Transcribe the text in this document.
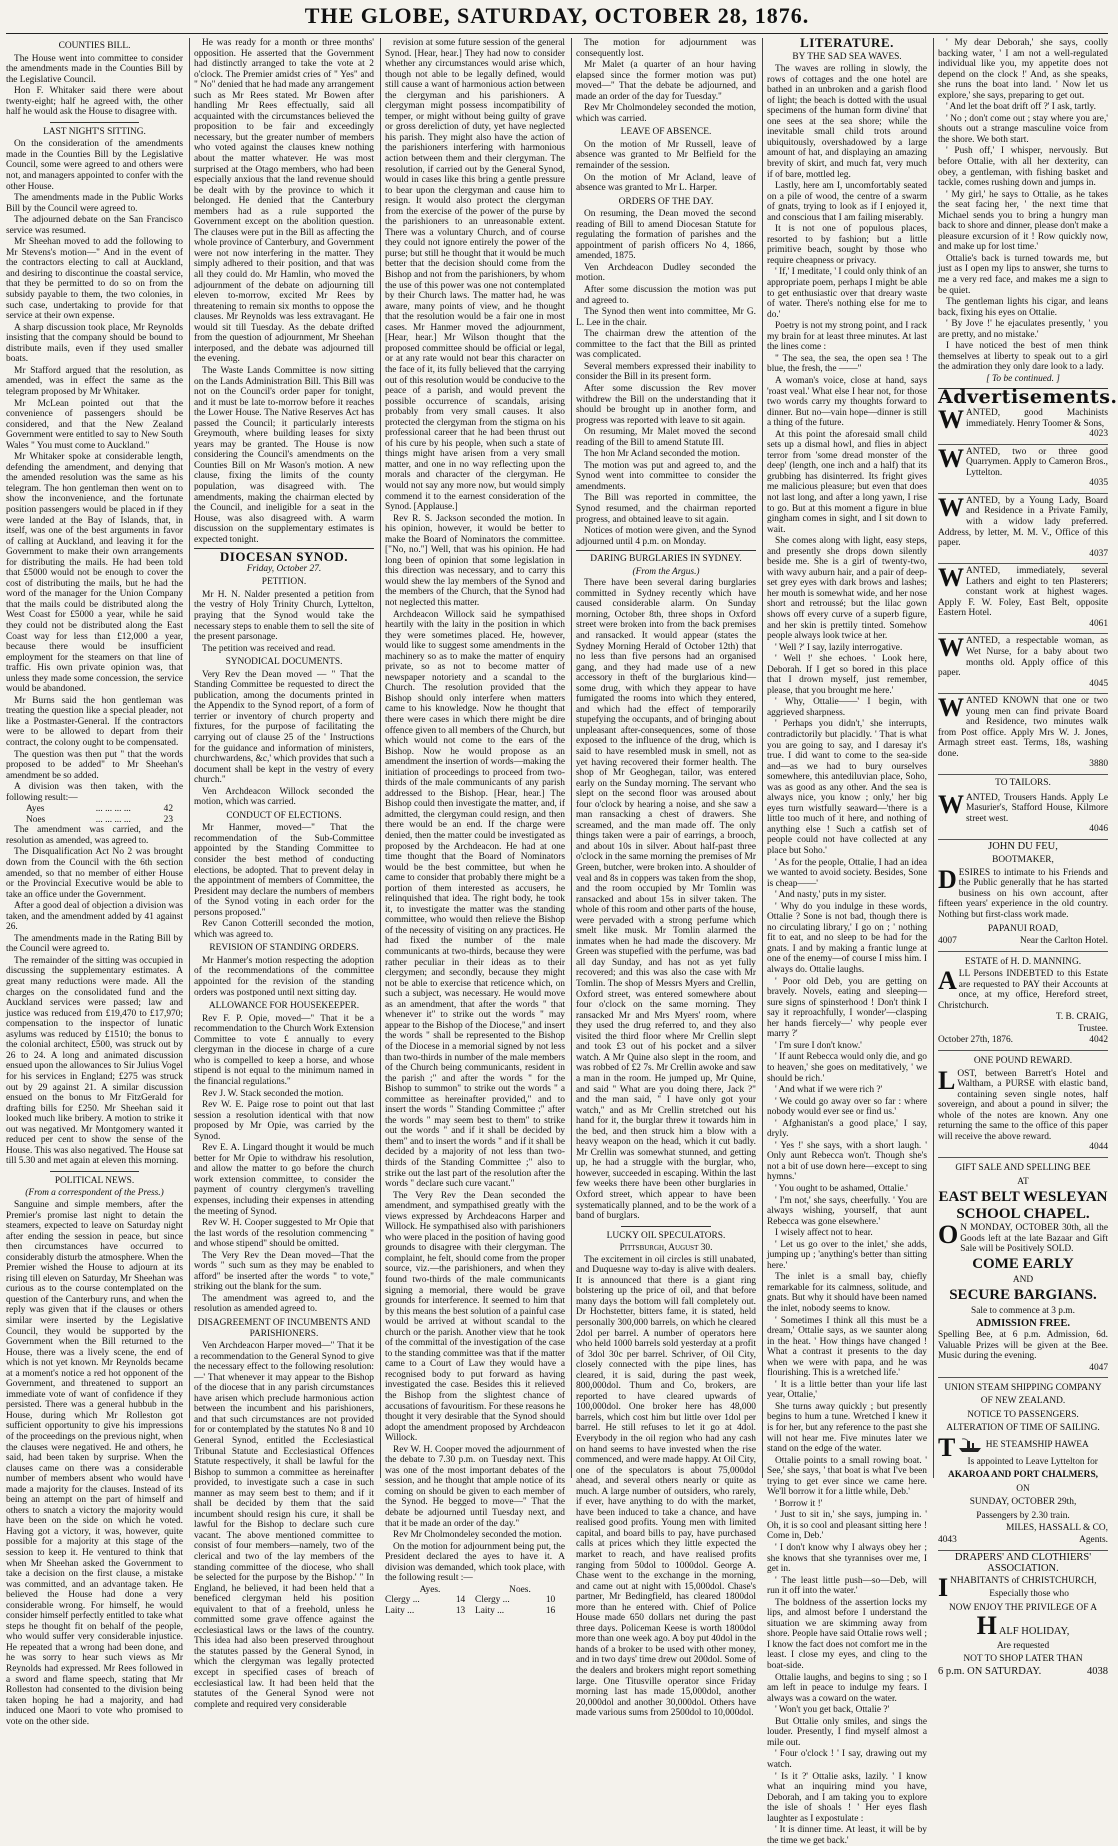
THE GLOBE, SATURDAY, OCTOBER 28, 1876.

COUNTIES BILL.

The House went into committee to consider the amendments made in the Counties Bill by the Legislative Council.

Hon F. Whitaker said there were about twenty-eight; half he agreed with, the other half he would ask the House to disagree with.

LAST NIGHT'S SITTING.

On the consideration of the amendments made in the Counties Bill by the Legislative Council, some were agreed to and others were not, and managers appointed to confer with the other House.

The amendments made in the Public Works Bill by the Council were agreed to.

The adjourned debate on the San Francisco service was resumed.

Mr Sheehan moved to add the following to Mr Stevens's motion—" And in the event of the contractors electing to call at Auckland, and desiring to discontinue the coastal service, that they be permitted to do so on from the subsidy payable to them, the two colonies, in such case, undertaking to provide for that service at their own expense.

A sharp discussion took place, Mr Reynolds insisting that the company should be bound to distribute mails, even if they used smaller boats.

Mr Stafford argued that the resolution, as amended, was in effect the same as the telegram proposed by Mr Whitaker.

Mr McLean pointed out that the convenience of passengers should be considered, and that the New Zealand Government were entitled to say to New South Wales " You must come to Auckland."

Mr Whitaker spoke at considerable length, defending the amendment, and denying that the amended resolution was the same as his telegram. The hon gentleman then went on to show the inconvenience, and the fortunate position passengers would be placed in if they were landed at the Bay of Islands, that, in itself, was one of the best arguments in favor of calling at Auckland, and leaving it for the Government to make their own arrangements for distributing the mails. He had been told that £5000 would not be enough to cover the cost of distributing the mails, but he had the word of the manager for the Union Company that the mails could be distributed along the West Coast for £5000 a year, while he said they could not be distributed along the East Coast way for less than £12,000 a year, because there would be insufficient employment for the steamers on that line of traffic. His own private opinion was, that unless they made some concession, the service would be abandoned.

Mr Burns said the hon gentleman was treating the question like a special pleader, not like a Postmaster-General. If the contractors were to be allowed to depart from their contract, the colony ought to be compensated.

The question was then put " that the words proposed to be added" to Mr Sheehan's amendment be so added.

A division was then taken, with the following result:—

Ayes	... ... ... ...	42
Noes	... ... ... ...	23

The amendment was carried, and the resolution as amended, was agreed to.

The Disqualification Act No 2 was brought down from the Council with the 6th section amended, so that no member of either House or the Provincial Executive would be able to take an office under the Government.

After a good deal of objection a division was taken, and the amendment added by 41 against 26.

The amendments made in the Rating Bill by the Council were agreed to.

The remainder of the sitting was occupied in discussing the supplementary estimates. A great many reductions were made. All the charges on the consolidated fund and the Auckland services were passed; law and justice was reduced from £19,470 to £17,970; compensation to the inspector of lunatic asylums was reduced by £1510; the bonus to the colonial architect, £500, was struck out by 26 to 24. A long and animated discussion ensued upon the allowances to Sir Julius Vogel for his services in England; £275 was struck out by 29 against 21. A similar discussion ensued on the bonus to Mr FitzGerald for drafting bills for £250. Mr Sheehan said it looked much like bribery. A motion to strike it out was negatived. Mr Montgomery wanted it reduced per cent to show the sense of the House. This was also negatived. The House sat till 5.30 and met again at eleven this morning.

POLITICAL NEWS.

(From a correspondent of the Press.)

Sanguine and simple members, after the Premier's promise last night to detain the steamers, expected to leave on Saturday night after ending the session in peace, but since then circumstances have occurred to considerably disturb the atmosphere. When the Premier wished the House to adjourn at its rising till eleven on Saturday, Mr Sheehan was curious as to the course contemplated on the question of the Canterbury runs, and when the reply was given that if the clauses or others similar were inserted by the Legislative Council, they would be supported by the Government when the Bill returned to the House, there was a lively scene, the end of which is not yet known. Mr Reynolds became at a moment's notice a red hot opponent of the Government, and threatened to support an immediate vote of want of confidence if they persisted. There was a general hubbub in the House, during which Mr Rolleston got sufficient opportunity to give his impressions of the proceedings on the previous night, when the clauses were negatived. He and others, he said, had been taken by surprise. When the clauses came on there was a considerable number of members absent who would have made a majority for the clauses. Instead of its being an attempt on the part of himself and others to snatch a victory the majority would have been on the side on which he voted. Having got a victory, it was, however, quite possible for a majority at this stage of the session to keep it. He ventured to think that when Mr Sheehan asked the Government to take a decision on the first clause, a mistake was committed, and an advantage taken. He believed the House had done a very considerable wrong. For himself, he would consider himself perfectly entitled to take what steps he thought fit on behalf of the people, who would suffer very considerable injustice. He repeated that a wrong had been done, and he was sorry to hear such views as Mr Reynolds had expressed. Mr Rees followed in a sword and flame speech, stating that Mr Rolleston had consented to the division being taken hoping he had a majority, and had induced one Maori to vote who promised to vote on the other side.

He was ready for a month or three months' opposition. He asserted that the Government had distinctly arranged to take the vote at 2 o'clock. The Premier amidst cries of " Yes" and " No" denied that he had made any arrangement such as Mr Rees stated. Mr Bowen after handling Mr Rees effectually, said all acquainted with the circumstances believed the proposition to be fair and exceedingly necessary, but the greater number of members who voted against the clauses knew nothing about the matter whatever. He was most surprised at the Otago members, who had been especially anxious that the land revenue should be dealt with by the province to which it belonged. He denied that the Canterbury members had as a rule supported the Government except on the abolition question. The clauses were put in the Bill as affecting the whole province of Canterbury, and Government were not now interfering in the matter. They simply adhered to their position, and that was all they could do. Mr Hamlin, who moved the adjournment of the debate on adjourning till eleven to-morrow, excited Mr Rees by threatening to remain six months to oppose the clauses. Mr Reynolds was less extravagant. He would sit till Tuesday. As the debate drifted from the question of adjournment, Mr Sheehan interposed, and the debate was adjourned till the evening.

The Waste Lands Committee is now sitting on the Lands Administration Bill. This Bill was not on the Council's order paper for tonight, and it must be late to-morrow before it reaches the Lower House. The Native Reserves Act has passed the Council; it particularly interests Greymouth, where building leases for sixty years may be granted. The House is now considering the Council's amendments on the Counties Bill on Mr Wason's motion. A new clause, fixing the limits of the county population, was disagreed with. The amendments, making the chairman elected by the Council, and ineligible for a seat in the House, was also disagreed with. A warm discussion on the supplementary estimates is expected tonight.

DIOCESAN SYNOD.

Friday, October 27.

PETITION.

Mr H. N. Nalder presented a petition from the vestry of Holy Trinity Church, Lyttelton, praying that the Synod would take the necessary steps to enable them to sell the site of the present parsonage.

The petition was received and read.

SYNODICAL DOCUMENTS.

Very Rev the Dean moved — " That the Standing Committee be requested to direct the publication, among the documents printed in the Appendix to the Synod report, of a form of terrier or inventory of church property and fixtures, for the purpose of facilitating the carrying out of clause 25 of the ' Instructions for the guidance and information of ministers, churchwardens, &c,' which provides that such a document shall be kept in the vestry of every church."

Ven Archdeacon Willock seconded the motion, which was carried.

CONDUCT OF ELECTIONS.

Mr Hanmer, moved—" That the recommendation of the Sub-Committee appointed by the Standing Committee to consider the best method of conducting elections, be adopted. That to prevent delay in the appointment of members of Committee, the President may declare the numbers of members of the Synod voting in each order for the persons proposed."

Rev Canon Cotterill seconded the motion, which was agreed to.

REVISION OF STANDING ORDERS.

Mr Hanmer's motion respecting the adoption of the recommendations of the committee appointed for the revision of the standing orders was postponed until next sitting day.

ALLOWANCE FOR HOUSEKEEPER.

Rev F. P. Opie, moved—" That it be a recommendation to the Church Work Extension Committee to vote £ annually to every clergyman in the diocese in charge of a cure who is compelled to keep a horse, and whose stipend is not equal to the minimum named in the financial regulations."

Rev J. W. Stack seconded the motion.

Rev W. E. Paige rose to point out that last session a resolution identical with that now proposed by Mr Opie, was carried by the Synod.

Rev E. A. Lingard thought it would be much better for Mr Opie to withdraw his resolution, and allow the matter to go before the church work extension committee, to consider the payment of country clergymen's travelling expenses, including their expenses in attending the meeting of Synod.

Rev W. H. Cooper suggested to Mr Opie that the last words of the resolution commencing " and whose stipend" should be omitted.

The Very Rev the Dean moved—That the words " such sum as they may be enabled to afford" be inserted after the words " to vote," striking out the blank for the sum.

The amendment was agreed to, and the resolution as amended agreed to.

DISAGREEMENT OF INCUMBENTS AND PARISHIONERS.

Ven Archdeacon Harper moved—" That it be a recommendation to the General Synod to give the necessary effect to the following resolution:—' That whenever it may appear to the Bishop of the diocese that in any parish circumstances have arisen which preclude harmonious action between the incumbent and his parishioners, and that such circumstances are not provided for or contemplated by the statutes No 8 and 10 General Synod, entitled the Ecclesiastical Tribunal Statute and Ecclesiastical Offences Statute respectively, it shall be lawful for the Bishop to summon a committee as hereinafter provided, to investigate such a case in such manner as may seem best to them; and if it shall be decided by them that the said incumbent should resign his cure, it shall be lawful for the Bishop to declare such cure vacant. The above mentioned committee to consist of four members—namely, two of the clerical and two of the lay members of the standing committee of the diocese, who shall be selected for the purpose by the Bishop.' " In England, he believed, it had been held that a beneficed clergyman held his position equivalent to that of a freehold, unless he committed some grave offence against the ecclesiastical laws or the laws of the country. This idea had also been preserved throughout the statutes passed by the General Synod, in which the clergyman was legally protected except in specified cases of breach of ecclesiastical law. It had been held that the statutes of the General Synod were not complete and required very considerable

revision at some future session of the general Synod. [Hear, hear.] They had now to consider whether any circumstances would arise which, though not able to be legally defined, would still cause a want of harmonious action between the clergyman and his parishioners. A clergyman might possess incompatibility of temper, or might without being guilty of grave or gross dereliction of duty, yet have neglected his parish. They might also have the action of the parishioners interfering with harmonious action between them and their clergyman. The resolution, if carried out by the General Synod, would in cases like this bring a gentle pressure to bear upon the clergyman and cause him to resign. It would also protect the clergyman from the exercise of the power of the purse by the parishioners to an unreasonable extent. There was a voluntary Church, and of course they could not ignore entirely the power of the purse; but still he thought that it would be much better that the decision should come from the Bishop and not from the parishioners, by whom the use of this power was one not contemplated by their Church laws. The matter had, he was aware, many points of view, and he thought that the resolution would be a fair one in most cases. Mr Hanmer moved the adjournment, [Hear, hear.] Mr Wilson thought that the proposed committee should be official or legal, or at any rate would not bear this character on the face of it, its fully believed that the carrying out of this resolution would be conducive to the peace of a parish, and would prevent the possible occurrence of scandals, arising probably from very small causes. It also protected the clergyman from the stigma on his professional career that he had been thrust out of his cure by his people, when such a state of things might have arisen from a very small matter, and one in no way reflecting upon the morals and character of the clergyman. He would not say any more now, but would simply commend it to the earnest consideration of the Synod. [Applause.]

Rev R. S. Jackson seconded the motion. In his opinion, however, it would be better to make the Board of Nominators the committee. ["No, no."] Well, that was his opinion. He had long been of opinion that some legislation in this direction was necessary, and to carry this would shew the lay members of the Synod and the members of the Church, that the Synod had not neglected this matter.

Archdeacon Willock said he sympathised heartily with the laity in the position in which they were sometimes placed. He, however, would like to suggest some amendments in the machinery so as to make the matter of enquiry private, so as not to become matter of newspaper notoriety and a scandal to the Church. The resolution provided that the Bishop should only interfere when matters came to his knowledge. Now he thought that there were cases in which there might be dire offence given to all members of the Church, but which would not come to the ears of the Bishop. Now he would propose as an amendment the insertion of words—making the initiation of proceedings to proceed from two-thirds of the male communicants of any parish addressed to the Bishop. [Hear, hear.] The Bishop could then investigate the matter, and, if admitted, the clergyman could resign, and then there would be an end. If the charge were denied, then the matter could be investigated as proposed by the Archdeacon. He had at one time thought that the Board of Nominators would be the best committee, but when he came to consider that probably there might be a portion of them interested as accusers, he relinquished that idea. The right body, he took it, to investigate the matter was the standing committee, who would then relieve the Bishop of the necessity of visiting on any practices. He had fixed the number of the male communicants at two-thirds, because they were rather peculiar in their ideas as to their clergymen; and secondly, because they might not be able to exercise that reticence which, on such a subject, was necessary. He would move as an amendment, that after the words " that whenever it" to strike out the words " may appear to the Bishop of the Diocese," and insert the words " shall be represented to the Bishop of the Diocese in a memorial signed by not less than two-thirds in number of the male members of the Church being communicants, resident in the parish ;" and after the words " for the Bishop to summon" to strike out the words " a committee as hereinafter provided," and to insert the words " Standing Committee ;" after the words " may seem best to them" to strike out the words " and if it shall be decided by them" and to insert the words " and if it shall be decided by a majority of not less than two-thirds of the Standing Committee ;" also to strike out the last part of the resolution after the words " declare such cure vacant."

The Very Rev the Dean seconded the amendment, and sympathised greatly with the views expressed by Archdeacons Harper and Willock. He sympathised also with parishioners who were placed in the position of having good grounds to disagree with their clergyman. The complaint, he felt, should come from the proper source, viz.—the parishioners, and when they found two-thirds of the male communicants signing a memorial, there would be grave grounds for interference. It seemed to him that by this means the best solution of a painful case would be arrived at without scandal to the church or the parish. Another view that he took of the committal of the investigation of the case to the standing committee was that if the matter came to a Court of Law they would have a recognised body to put forward as having investigated the case. Besides this it relieved the Bishop from the slightest chance of accusations of favouritism. For these reasons he thought it very desirable that the Synod should adopt the amendment proposed by Archdeacon Willock.

Rev W. H. Cooper moved the adjournment of the debate to 7.30 p.m. on Tuesday next. This was one of the most important debates of the session, and he thought that ample notice of its coming on should be given to each member of the Synod. He begged to move—" That the debate be adjourned until Tuesday next, and that it be made an order of the day."

Rev Mr Cholmondeley seconded the motion.

On the motion for adjournment being put, the President declared the ayes to have it. A division was demanded, which took place, with the following result :—

Ayes.		Noes.	
Clergy ...	14	Clergy ...	10
Laity ...	13	Laity ...	16

The motion for adjournment was consequently lost.

Mr Malet (a quarter of an hour having elapsed since the former motion was put) moved—" That the debate be adjourned, and made an order of the day for Tuesday."

Rev Mr Cholmondeley seconded the motion, which was carried.

LEAVE OF ABSENCE.

On the motion of Mr Russell, leave of absence was granted to Mr Belfield for the remainder of the session.

On the motion of Mr Acland, leave of absence was granted to Mr L. Harper.

ORDERS OF THE DAY.

On resuming, the Dean moved the second reading of Bill to amend Diocesan Statute for regulating the formation of parishes and the appointment of parish officers No 4, 1866, amended, 1875.

Ven Archdeacon Dudley seconded the motion.

After some discussion the motion was put and agreed to.

The Synod then went into committee, Mr G. L. Lee in the chair.

The chairman drew the attention of the committee to the fact that the Bill as printed was complicated.

Several members expressed their inability to consider the Bill in its present form.

After some discussion the Rev mover withdrew the Bill on the understanding that it should be brought up in another form, and progress was reported with leave to sit again.

On resuming, Mr Malet moved the second reading of the Bill to amend Statute III.

The hon Mr Acland seconded the motion.

The motion was put and agreed to, and the Synod went into committee to consider the amendments.

The Bill was reported in committee, the Synod resumed, and the chairman reported progress, and obtained leave to sit again.

Notices of motion were given, and the Synod adjourned until 4 p.m. on Monday.

DARING BURGLARIES IN SYDNEY.

(From the Argus.)

There have been several daring burglaries committed in Sydney recently which have caused considerable alarm. On Sunday morning, October 8th, three shops in Oxford street were broken into from the back premises and ransacked. It would appear (states the Sydney Morning Herald of October 12th) that no less than five persons had an organised gang, and they had made use of a new accessory in theft of the burglarious kind—some drug, with which they appear to have fumigated the rooms into which they entered, and which had the effect of temporarily stupefying the occupants, and of bringing about unpleasant after-consequences, some of those exposed to the influence of the drug, which is said to have resembled musk in smell, not as yet having recovered their former health. The shop of Mr Geoghegan, tailor, was entered early on the Sunday morning. The servant who slept on the second floor was aroused about four o'clock by hearing a noise, and she saw a man ransacking a chest of drawers. She screamed, and the man made off. The only things taken were a pair of earrings, a brooch, and about 10s in silver. About half-past three o'clock in the same morning the premises of Mr Green, butcher, were broken into. A shoulder of veal and 8s in coppers was taken from the shop, and the room occupied by Mr Tomlin was ransacked and about 15s in silver taken. The whole of this room and other parts of the house, were pervaded with a strong perfume which smelt like musk. Mr Tomlin alarmed the inmates when he had made the discovery. Mr Green was stupefied with the perfume, was bad all day Sunday, and has not as yet fully recovered; and this was also the case with Mr Tomlin. The shop of Messrs Myers and Crellin, Oxford street, was entered somewhere about four o'clock on the same morning. They ransacked Mr and Mrs Myers' room, where they used the drug referred to, and they also visited the third floor where Mr Crellin slept and took £3 out of his pocket and a silver watch. A Mr Quine also slept in the room, and was robbed of £2 7s. Mr Crellin awoke and saw a man in the room. He jumped up, Mr Quine, and said " What are you doing there, Jack ?" and the man said, " I have only got your watch," and as Mr Crellin stretched out his hand for it, the burglar threw it towards him in the bed, and then struck him a blow with a heavy weapon on the head, which it cut badly. Mr Crellin was somewhat stunned, and getting up, he had a struggle with the burglar, who, however, succeeded in escaping. Within the last few weeks there have been other burglaries in Oxford street, which appear to have been systematically planned, and to be the work of a band of burglars.

LUCKY OIL SPECULATORS.

Pittsburgh, August 30.

The excitement in oil circles is still unabated, and Duquesne way to-day is alive with dealers. It is announced that there is a giant ring bolstering up the price of oil, and that before many days the bottom will fall completely out. Dr Hochstetter, bitters fame, it is stated, held personally 300,000 barrels, on which he cleared 2dol per barrel. A number of operators here who held 1000 barrels sold yesterday at a profit of 3dol 30c per barrel. Schriver, of Oil City, closely connected with the pipe lines, has cleared, it is said, during the past week, 800,000dol. Thum and Co, brokers, are reported to have cleared upwards of 100,000dol. One broker here has 48,000 barrels, which cost him but little over 1dol per barrel. He still refuses to let it go at 4dol. Everybody in the oil region who had any cash on hand seems to have invested when the rise commenced, and were made happy. At Oil City, one of the speculators is about 75,000dol ahead, and several others nearly or quite as much. A large number of outsiders, who rarely, if ever, have anything to do with the market, have been induced to take a chance, and have realised good profits. Young men with limited capital, and board bills to pay, have purchased calls at prices which they little expected the market to reach, and have realised profits ranging from 50dol to 1000dol. George A. Chase went to the exchange in the morning, and came out at night with 15,000dol. Chase's partner, Mr Bedingfield, has cleared 1800dol more than he entered with. Chief of Police House made 650 dollars net during the past three days. Policeman Keese is worth 1800dol more than one week ago. A boy put 40dol in the hands of a broker to be used with other money, and in two days' time drew out 200dol. Some of the dealers and brokers might report something large. One Titusville operator since Friday morning last has made 15,000dol, another 20,000dol and another 30,000dol. Others have made various sums from 2500dol to 10,000dol.

LITERATURE.

BY THE SAD SEA WAVES.

The waves are rolling in slowly, the rows of cottages and the one hotel are bathed in an unbroken and a garish flood of light; the beach is dotted with the usual specimens of the human form divine' that one sees at the sea shore; while the inevitable small child trots around ubiquitously, overshadowed by a large amount of hat, and displaying an amazing brevity of skirt, and much fat, very much if of bare, mottled leg.

Lastly, here am I, uncomfortably seated on a pile of wood, the centre of a swarm of gnats, trying to look as if I enjoyed it, and conscious that I am failing miserably.

It is not one of populous places, resorted to by fashion; but a little primitive beach, sought by those who require cheapness or privacy.

' If,' I meditate, ' I could only think of an appropriate poem, perhaps I might be able to get enthusiastic over that dreary waste of water. There's nothing else for me to do.'

Poetry is not my strong point, and I rack my brain for at least three minutes. At last the lines come :

" The sea, the sea, the open sea ! The blue, the fresh, the ——"

A woman's voice, close at hand, says 'roast veal.' What else I hear not, for those two words carry my thoughts forward to dinner. But no—vain hope—dinner is still a thing of the future.

At this point the aforesaid small child sets up a dismal howl, and flies in abject terror from 'some dread monster of the deep' (length, one inch and a half) that its grubbing has disinterred. Its fright gives me malicious pleasure; but even that does not last long, and after a long yawn, I rise to go. But at this moment a figure in blue gingham comes in sight, and I sit down to wait.

She comes along with light, easy steps, and presently she drops down silently beside me. She is a girl of twenty-two, with wavy auburn hair, and a pair of deep-set grey eyes with dark brows and lashes; her mouth is somewhat wide, and her nose short and retroussé; but the lilac gown shows off every curve of a superb figure, and her skin is prettily tinted. Somehow people always look twice at her.

' Well ?' I say, lazily interrogative.

' Well !' she echoes. ' Look here, Deborah. If I get so bored in this place that I drown myself, just remember, please, that you brought me here.'

' Why, Ottalie——' I begin, with aggrieved sharpness.

' Perhaps you didn't,' she interrupts, contradictorily but placidly. ' That is what you are going to say, and I daresay it's true. I did want to come to the sea-side and—as we had to bury ourselves somewhere, this antediluvian place, Soho, was as good as any other. And the sea is always nice, you know ; only,' her big eyes turn wistfully seaward—'there is a little too much of it here, and nothing of anything else ! Such a catfish set of people could not have collected at any place but Soho.'

' As for the people, Ottalie, I had an idea we wanted to avoid society. Besides, Sone is cheap——'

' And nasty,' puts in my sister.

' Why do you indulge in these words, Ottalie ? Sone is not bad, though there is no circulating library,' I go on ; ' nothing fit to eat, and no sleep to be had for the gnats. I and by making a frantic lunge at one of the enemy—of course I miss him. I always do. Ottalie laughs.

' Poor old Deb, you are getting on bravely. Novels, eating and sleeping—sure signs of spinsterhood ! Don't think I say it reproachfully, I wonder'—clasping her hands fiercely—' why people ever marry ?'

' I'm sure I don't know.'

' If aunt Rebecca would only die, and go to heaven,' she goes on meditatively, ' we should be rich.'

' And what if we were rich ?'

' We could go away over so far : where nobody would ever see or find us.'

' Afghanistan's a good place,' I say, dryly.

' Yes !' she says, with a short laugh. ' Only aunt Rebecca won't. Though she's not a bit of use down here—except to sing hymns.'

' You ought to be ashamed, Ottalie.'

' I'm not,' she says, cheerfully. ' You are always wishing, yourself, that aunt Rebecca was gone elsewhere.'

I wisely affect not to hear.

' Let us go over to the inlet,' she adds, jumping up ; 'anything's better than sitting here.'

The inlet is a small bay, chiefly remarkable for its calmness, solitude, and gnats. But why it should have been named the inlet, nobody seems to know.

' Sometimes I think all this must be a dream,' Ottalie says, as we saunter along in the heat. ' How things have changed ! What a contrast it presents to the day when we were with papa, and he was flourishing. This is a wretched life.'

' It is a little better than your life last year, Ottalie,'

She turns away quickly ; but presently begins to hum a tune. Wretched I knew it is for her, but any reference to the past she will not hear me. Five minutes later we stand on the edge of the water.

Ottalie points to a small rowing boat. ' See,' she says, ' that boat is what I've been trying to get ever since we came here. We'll borrow it for a little while, Deb.'

' Borrow it !'

' Just to sit in,' she says, jumping in. ' Oh, it is so cool and pleasant sitting here ! Come in, Deb.'

' I don't know why I always obey her ; she knows that she tyrannises over me, I get in.

' The least little push—so—Deb, will run it off into the water.'

The boldness of the assertion locks my lips, and almost before I understand the situation we are skimming away from shore. People have said Ottalie rows well ; I know the fact does not comfort me in the least. I close my eyes, and cling to the boat-side.

Ottalie laughs, and begins to sing ; so I am left in peace to indulge my fears. I always was a coward on the water.

' Won't you get back, Ottalie ?'

But Ottalie only smiles, and sings the louder. Presently, I find myself almost a mile out.

' Four o'clock ! ' I say, drawing out my watch.

' Is it ?' Ottalie asks, lazily. ' I know what an inquiring mind you have, Deborah, and I am taking you to explore the isle of shoals ! ' Her eyes flash laughter as I expostulate :

' It is dinner time. At least, it will be by the time we get back.'

' My dear Deborah,' she says, coolly backing water, ' I am not a well-regulated individual like you, my appetite does not depend on the clock !' And, as she speaks, she runs the boat into land. ' Now let us explore,' she says, preparing to get out.

' And let the boat drift off ?' I ask, tartly.

' No ; don't come out ; stay where you are,' shouts out a strange masculine voice from the shore. We both start.

' Push off,' I whisper, nervously. But before Ottalie, with all her dexterity, can obey, a gentleman, with fishing basket and tackle, comes rushing down and jumps in.

' My girl,' he says to Ottalie, as he takes the seat facing her, ' the next time that Michael sends you to bring a hungry man back to shore and dinner, please don't make a pleasure excursion of it ! Row quickly now, and make up for lost time.'

Ottalie's back is turned towards me, but just as I open my lips to answer, she turns to me a very red face, and makes me a sign to be quiet.

The gentleman lights his cigar, and leans back, fixing his eyes on Ottalie.

' By Jove !' he ejaculates presently, ' you are pretty, and no mistake.'

I have noticed the best of men think themselves at liberty to speak out to a girl the admiration they only dare look to a lady.

[ To be continued. ]

Advertisements.

WANTED, good Machinists immediately. Henry Toomer & Sons,
4023

WANTED, two or three good Quarrymen. Apply to Cameron Bros., Lyttelton.
4035

WANTED, by a Young Lady, Board and Residence in a Private Family, with a widow lady preferred. Address, by letter, M. M. V., Office of this paper.
4037

WANTED, immediately, several Lathers and eight to ten Plasterers; constant work at highest wages. Apply F. W. Foley, East Belt, opposite Eastern Hotel.
4061

WANTED, a respectable woman, as Wet Nurse, for a baby about two months old. Apply office of this paper.
4045

WANTED KNOWN that one or two young men can find private Board and Residence, two minutes walk from Post office. Apply Mrs W. J. Jones, Armagh street east. Terms, 18s, washing done.
3880

TO TAILORS.

WANTED, Trousers Hands. Apply Le Masurier's, Stafford House, Kilmore street west.
4046

JOHN DU FEU,

BOOTMAKER,

DESIRES to intimate to his Friends and the Public generally that he has started business on his own account, after fifteen years' experience in the old country. Nothing but first-class work made.

PAPANUI ROAD,

4007	Near the Carlton Hotel.

ESTATE of H. D. MANNING.

ALL Persons INDEBTED to this Estate are requested to PAY their Accounts at once, at my office, Hereford street, Christchurch.

T. B. CRAIG,

Trustee.

October 27th, 1876.	4042

ONE POUND REWARD.

LOST, between Barrett's Hotel and Waltham, a PURSE with elastic band, containing seven single notes, half sovereign, and about a pound in silver; the whole of the notes are known. Any one returning the same to the office of this paper will receive the above reward.
4044

GIFT SALE AND SPELLING BEE

AT

EAST BELT WESLEYAN

SCHOOL CHAPEL.

O N MONDAY, OCTOBER 30th, all the Goods left at the late Bazaar and Gift Sale will be Positively SOLD.

COME EARLY

AND

SECURE BARGIANS.

Sale to commence at 3 p.m.

ADMISSION FREE.

Spelling Bee, at 6 p.m. Admission, 6d. Valuable Prizes will be given at the Bee. Music during the evening.

4047

UNION STEAM SHIPPING COMPANY

OF NEW ZEALAND.

NOTICE TO PASSENGERS.

ALTERATION OF TIME OF SAILING.

T	HE STEAMSHIP HAWEA

Is appointed to Leave Lyttelton for

AKAROA AND PORT CHALMERS,

ON

SUNDAY, OCTOBER 29th,

Passengers by 2.30 train.

MILES, HASSALL & CO,

4043	Agents.

DRAPERS' AND CLOTHIERS'

ASSOCIATION.

INHABITANTS of CHRISTCHURCH,

Especially those who

NOW ENJOY THE PRIVILEGE OF A

HALF HOLIDAY,

Are requested

NOT TO SHOP LATER THAN

6 p.m. ON SATURDAY.	4038
